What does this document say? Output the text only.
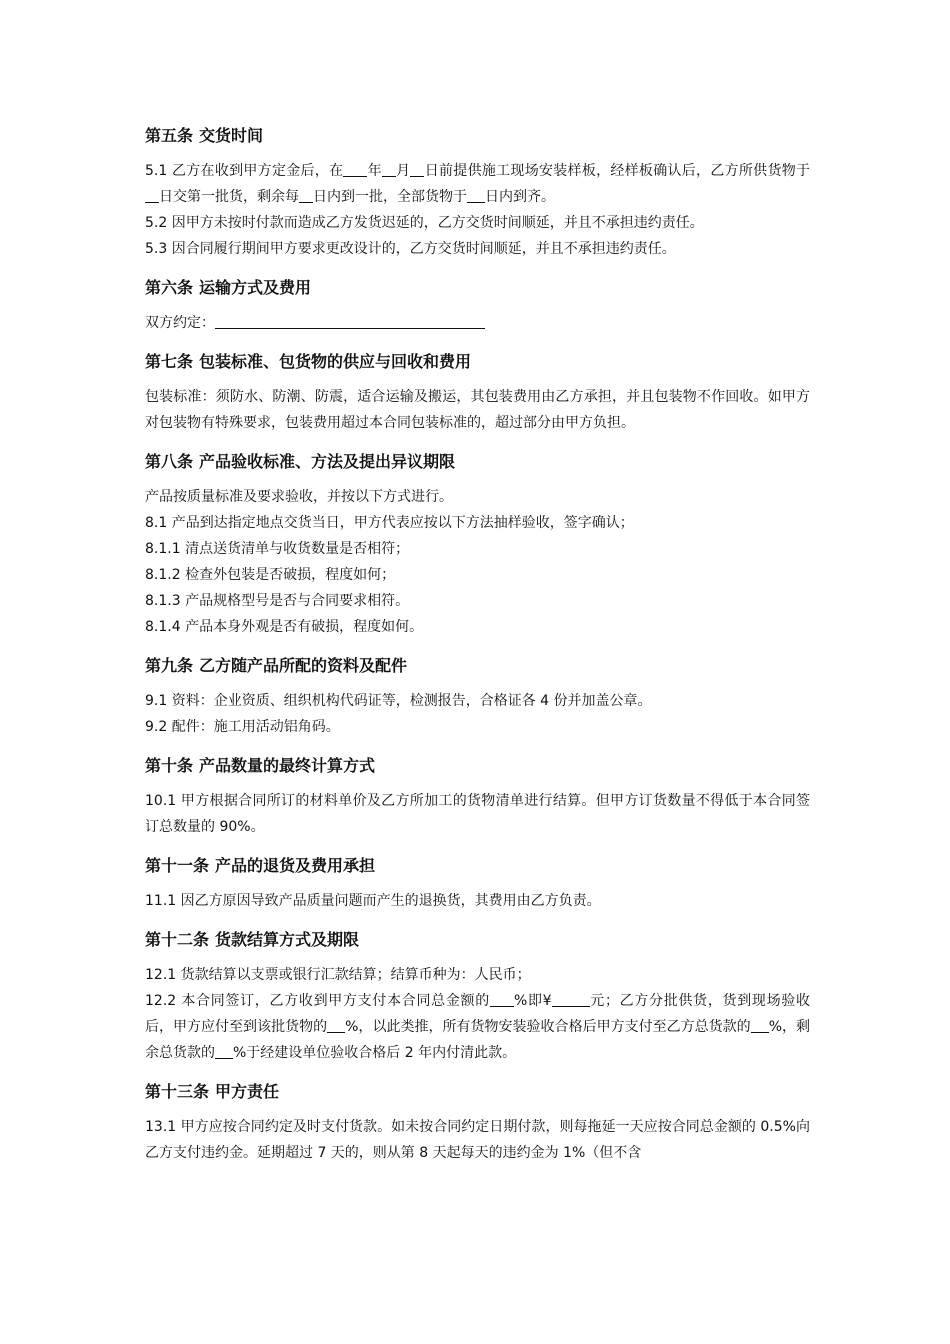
第五条 交货时间

5.1 乙方在收到甲方定金后，在 年 月 日前提供施工现场安装样板，经样板确认后，乙方所供货物于日交第一批货，剩余每 日内到一批，全部货物于 日内到齐。

5.2 因甲方未按时付款而造成乙方发货迟延的，乙方交货时间顺延，并且不承担违约责任。

5.3 因合同履行期间甲方要求更改设计的，乙方交货时间顺延，并且不承担违约责任。

第六条 运输方式及费用

双方约定：

第七条 包装标准、包货物的供应与回收和费用

包装标准：须防水、防潮、防震，适合运输及搬运，其包装费用由乙方承担，并且包装物不作回收。如甲方对包装物有特殊要求，包装费用超过本合同包装标准的，超过部分由甲方负担。

第八条 产品验收标准、方法及提出异议期限

产品按质量标准及要求验收，并按以下方式进行。

8.1 产品到达指定地点交货当日，甲方代表应按以下方法抽样验收，签字确认；

8.1.1 清点送货清单与收货数量是否相符；

8.1.2 检查外包装是否破损，程度如何；

8.1.3 产品规格型号是否与合同要求相符。

8.1.4 产品本身外观是否有破损，程度如何。

第九条 乙方随产品所配的资料及配件

9.1 资料：企业资质、组织机构代码证等，检测报告，合格证各 4 份并加盖公章。

9.2 配件：施工用活动铝角码。

第十条 产品数量的最终计算方式

10.1 甲方根据合同所订的材料单价及乙方所加工的货物清单进行结算。但甲方订货数量不得低于本合同签订总数量的 90%。

第十一条 产品的退货及费用承担

11.1 因乙方原因导致产品质量问题而产生的退换货，其费用由乙方负责。

第十二条 货款结算方式及期限

12.1 货款结算以支票或银行汇款结算；结算币种为：人民币；

12.2 本合同签订，乙方收到甲方支付本合同总金额的 %即¥	元；乙方分批供货，货到现场验收后，甲方应付至到该批货物的 %，以此类推，所有货物安装验收合格后甲方支付至乙方总货款的 %，剩余总货款的 %于经建设单位验收合格后 2 年内付清此款。

第十三条 甲方责任

13.1 甲方应按合同约定及时支付货款。如未按合同约定日期付款，则每拖延一天应按合同总金额的 0.5%向乙方支付违约金。延期超过 7 天的，则从第 8 天起每天的违约金为 1%（但不含
